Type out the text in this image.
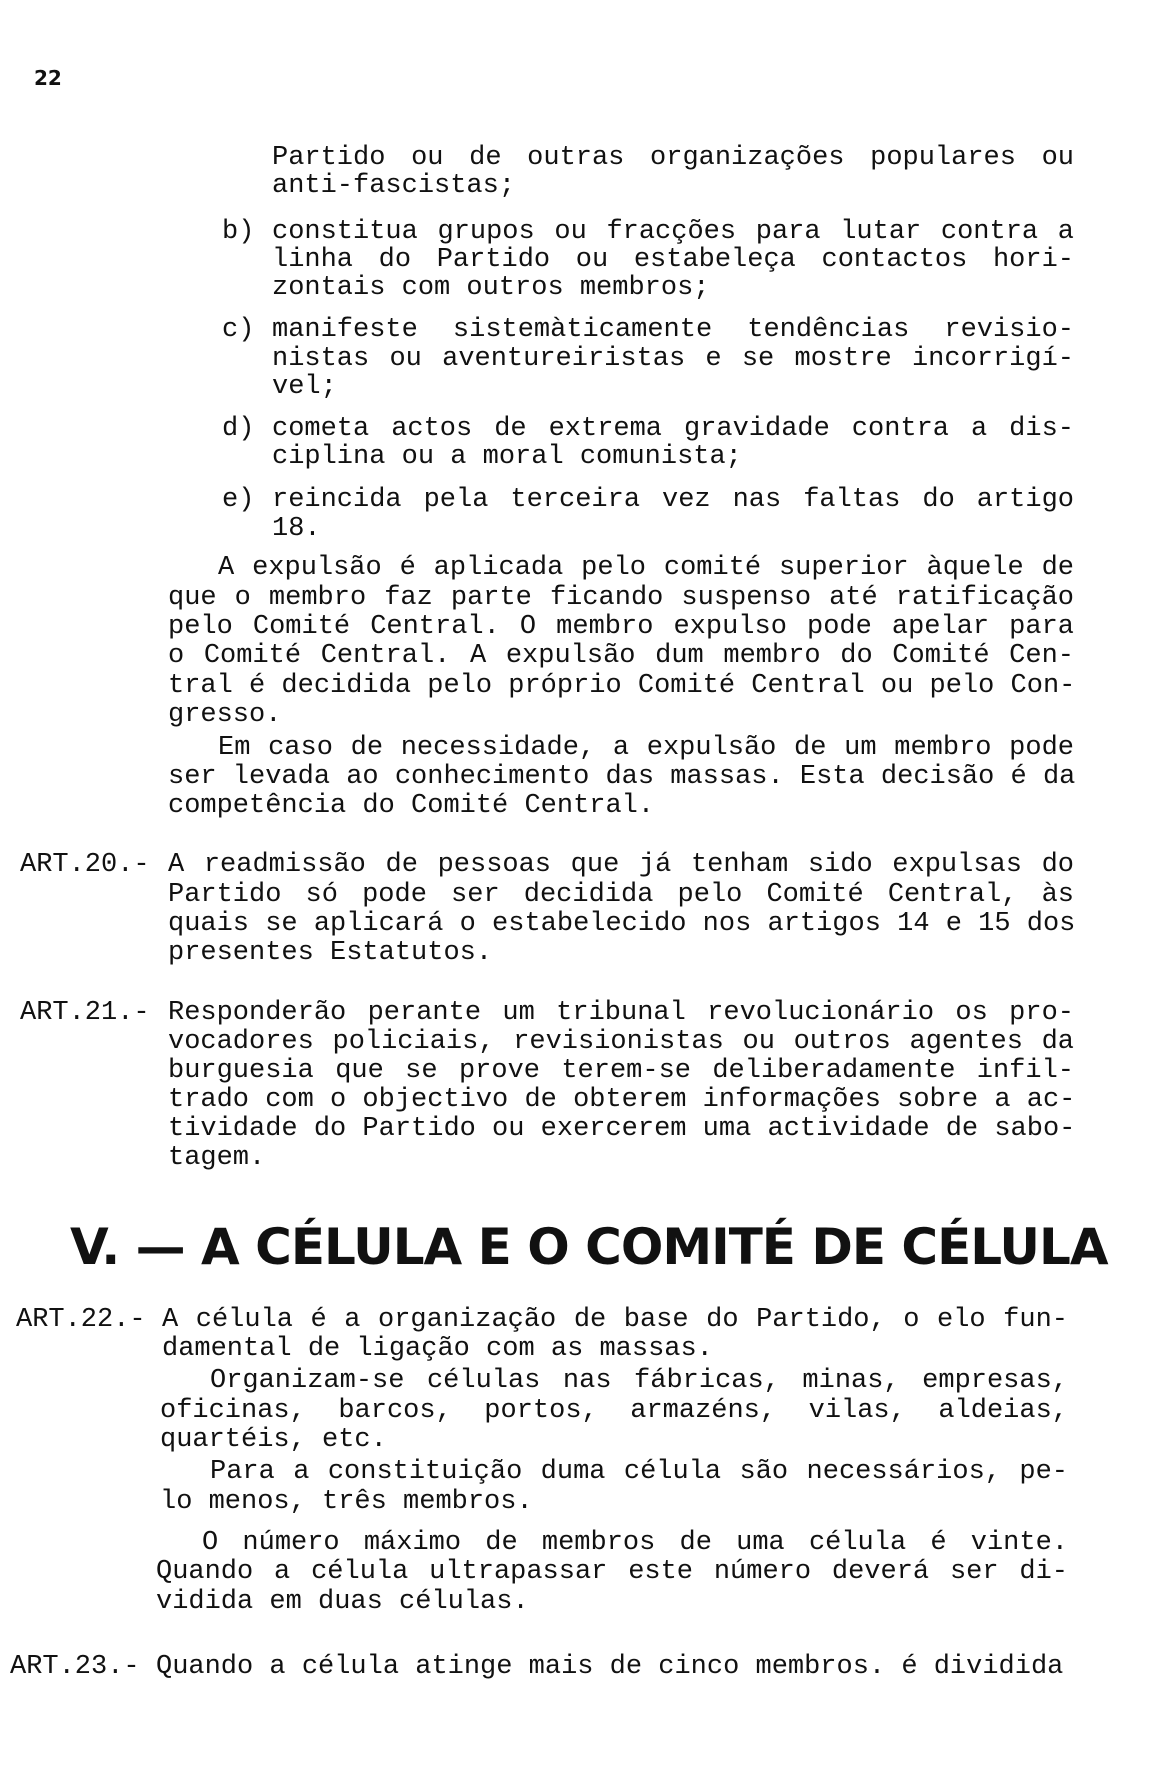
22
Partido ou de outras organizações populares ou
anti-fascistas;
b) constitua grupos ou fracções para lutar contra a
linha do Partido ou estabeleça contactos hori-
zontais com outros membros;
c) manifeste sistemàticamente tendências revisio-
nistas ou aventureiristas e se mostre incorrigí-
vel;
d) cometa actos de extrema gravidade contra a dis-
ciplina ou a moral comunista;
e) reincida pela terceira vez nas faltas do artigo
18.
A expulsão é aplicada pelo comité superior àquele de
que o membro faz parte ficando suspenso até ratificação
pelo Comité Central. O membro expulso pode apelar para
o Comité Central. A expulsão dum membro do Comité Cen-
tral é decidida pelo próprio Comité Central ou pelo Con-
gresso.
Em caso de necessidade, a expulsão de um membro pode
ser levada ao conhecimento das massas. Esta decisão é da
competência do Comité Central.
ART.20.- A readmissão de pessoas que já tenham sido expulsas do
Partido só pode ser decidida pelo Comité Central, às
quais se aplicará o estabelecido nos artigos 14 e 15 dos
presentes Estatutos.
ART.21.- Responderão perante um tribunal revolucionário os pro-
vocadores policiais, revisionistas ou outros agentes da
burguesia que se prove terem-se deliberadamente infil-
trado com o objectivo de obterem informações sobre a ac-
tividade do Partido ou exercerem uma actividade de sabo-
tagem.
V. — A CÉLULA E O COMITÉ DE CÉLULA
ART.22.- A célula é a organização de base do Partido, o elo fun-
damental de ligação com as massas.
Organizam-se células nas fábricas, minas, empresas,
oficinas, barcos, portos, armazéns, vilas, aldeias,
quartéis, etc.
Para a constituição duma célula são necessários, pe-
lo menos, três membros.
O número máximo de membros de uma célula é vinte.
Quando a célula ultrapassar este número deverá ser di-
vidida em duas células.
ART.23.- Quando a célula atinge mais de cinco membros. é dividida
